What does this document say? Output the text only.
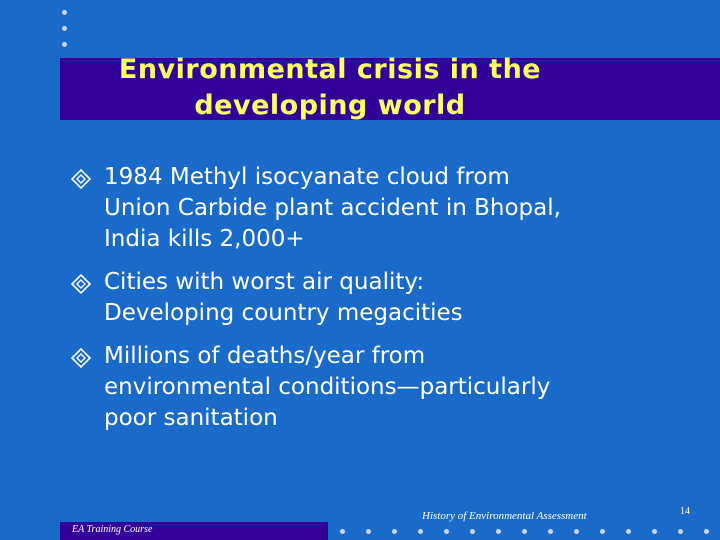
Environmental crisis in the
developing world
1984 Methyl isocyanate cloud from
Union Carbide plant accident in Bhopal,
India kills 2,000+
Cities with worst air quality:
Developing country megacities
Millions of deaths/year from
environmental conditions—particularly
poor sanitation
14
History of Environmental Assessment
EA Training Course
